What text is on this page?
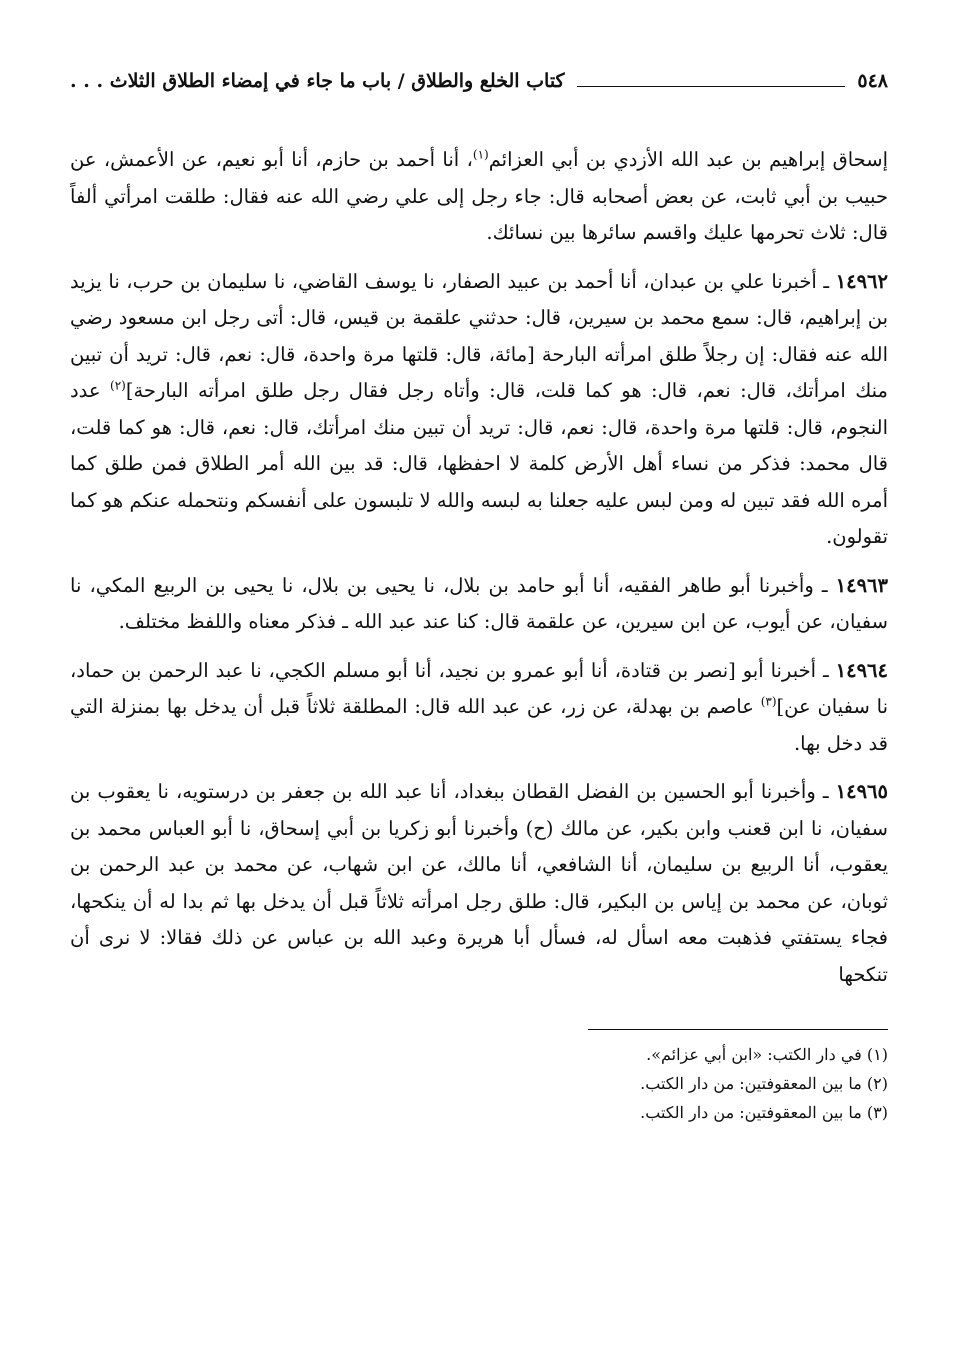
٥٤٨
كتاب الخلع والطلاق / باب ما جاء في إمضاء الطلاق الثلاث . . .

إسحاق إبراهيم بن عبد الله الأزدي بن أبي العزائم$^{(١)}$، أنا أحمد بن حازم، أنا أبو نعيم، عن الأعمش، عن حبيب بن أبي ثابت، عن بعض أصحابه قال: جاء رجل إلى علي رضي الله عنه فقال: طلقت امرأتي ألفاً قال: ثلاث تحرمها عليك واقسم سائرها بين نسائك.

١٤٩٦٢ ـ أخبرنا علي بن عبدان، أنا أحمد بن عبيد الصفار، نا يوسف القاضي، نا سليمان بن حرب، نا يزيد بن إبراهيم، قال: سمع محمد بن سيرين، قال: حدثني علقمة بن قيس، قال: أتى رجل ابن مسعود رضي الله عنه فقال: إن رجلاً طلق امرأته البارحة [مائة، قال: قلتها مرة واحدة، قال: نعم، قال: تريد أن تبين منك امرأتك، قال: نعم، قال: هو كما قلت، قال: وأتاه رجل فقال رجل طلق امرأته البارحة]$^{(٢)}$ عدد النجوم، قال: قلتها مرة واحدة، قال: نعم، قال: تريد أن تبين منك امرأتك، قال: نعم، قال: هو كما قلت، قال محمد: فذكر من نساء أهل الأرض كلمة لا احفظها، قال: قد بين الله أمر الطلاق فمن طلق كما أمره الله فقد تبين له ومن لبس عليه جعلنا به لبسه والله لا تلبسون على أنفسكم ونتحمله عنكم هو كما تقولون.

١٤٩٦٣ ـ وأخبرنا أبو طاهر الفقيه، أنا أبو حامد بن بلال، نا يحيى بن بلال، نا يحيى بن الربيع المكي، نا سفيان، عن أيوب، عن ابن سيرين، عن علقمة قال: كنا عند عبد الله ـ فذكر معناه واللفظ مختلف.

١٤٩٦٤ ـ أخبرنا أبو [نصر بن قتادة، أنا أبو عمرو بن نجيد، أنا أبو مسلم الكجي، نا عبد الرحمن بن حماد، نا سفيان عن]$^{(٣)}$ عاصم بن بهدلة، عن زر، عن عبد الله قال: المطلقة ثلاثاً قبل أن يدخل بها بمنزلة التي قد دخل بها.

١٤٩٦٥ ـ وأخبرنا أبو الحسين بن الفضل القطان ببغداد، أنا عبد الله بن جعفر بن درستويه، نا يعقوب بن سفيان، نا ابن قعنب وابن بكير، عن مالك (ح) وأخبرنا أبو زكريا بن أبي إسحاق، نا أبو العباس محمد بن يعقوب، أنا الربيع بن سليمان، أنا الشافعي، أنا مالك، عن ابن شهاب، عن محمد بن عبد الرحمن بن ثوبان، عن محمد بن إياس بن البكير، قال: طلق رجل امرأته ثلاثاً قبل أن يدخل بها ثم بدا له أن ينكحها، فجاء يستفتي فذهبت معه اسأل له، فسأل أبا هريرة وعبد الله بن عباس عن ذلك فقالا: لا نرى أن تنكحها

(١) في دار الكتب: «ابن أبي عزائم».
(٢) ما بين المعقوفتين: من دار الكتب.
(٣) ما بين المعقوفتين: من دار الكتب.
